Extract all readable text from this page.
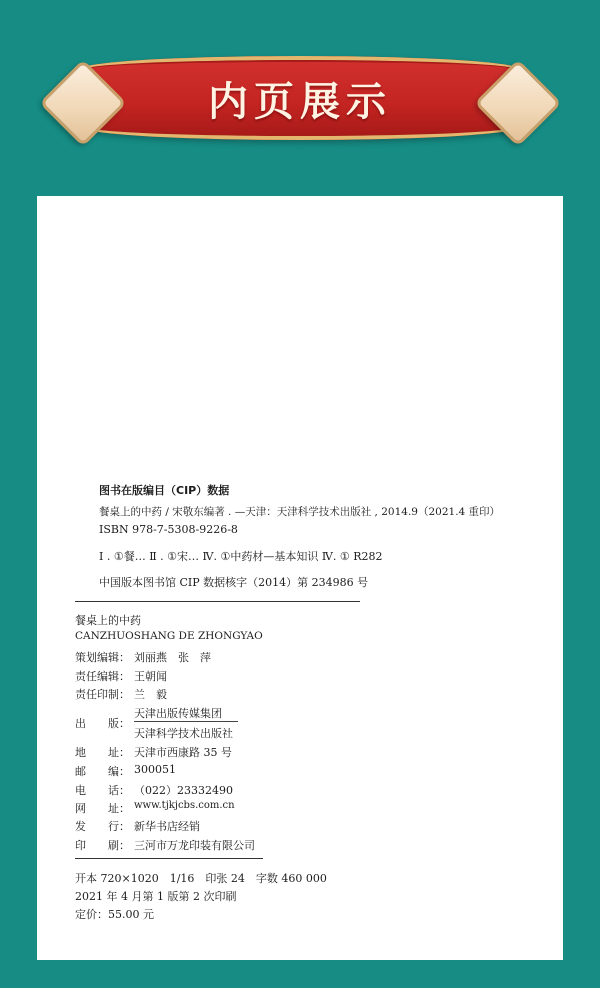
内页展示
图书在版编目（CIP）数据
餐桌上的中药 / 宋敬东编著 . —天津：天津科学技术出版社 , 2014.9（2021.4 重印）
ISBN 978-7-5308-9226-8
Ⅰ . ①餐… Ⅱ . ①宋… Ⅳ. ①中药材—基本知识 Ⅳ. ① R282
中国版本图书馆 CIP 数据核字（2014）第 234986 号
餐桌上的中药
CANZHUOSHANG DE ZHONGYAO
策划编辑： 刘丽燕　张　萍
责任编辑： 王朝闻
责任印制： 兰　毅
出　　版：
天津出版传媒集团
天津科学技术出版社
地　　址： 天津市西康路 35 号
邮　　编： 300051
电　　话： （022）23332490
网　　址： www.tjkjcbs.com.cn
发　　行： 新华书店经销
印　　刷： 三河市万龙印装有限公司
开本 720×1020　1/16　印张 24　字数 460 000
2021 年 4 月第 1 版第 2 次印刷
定价：55.00 元
